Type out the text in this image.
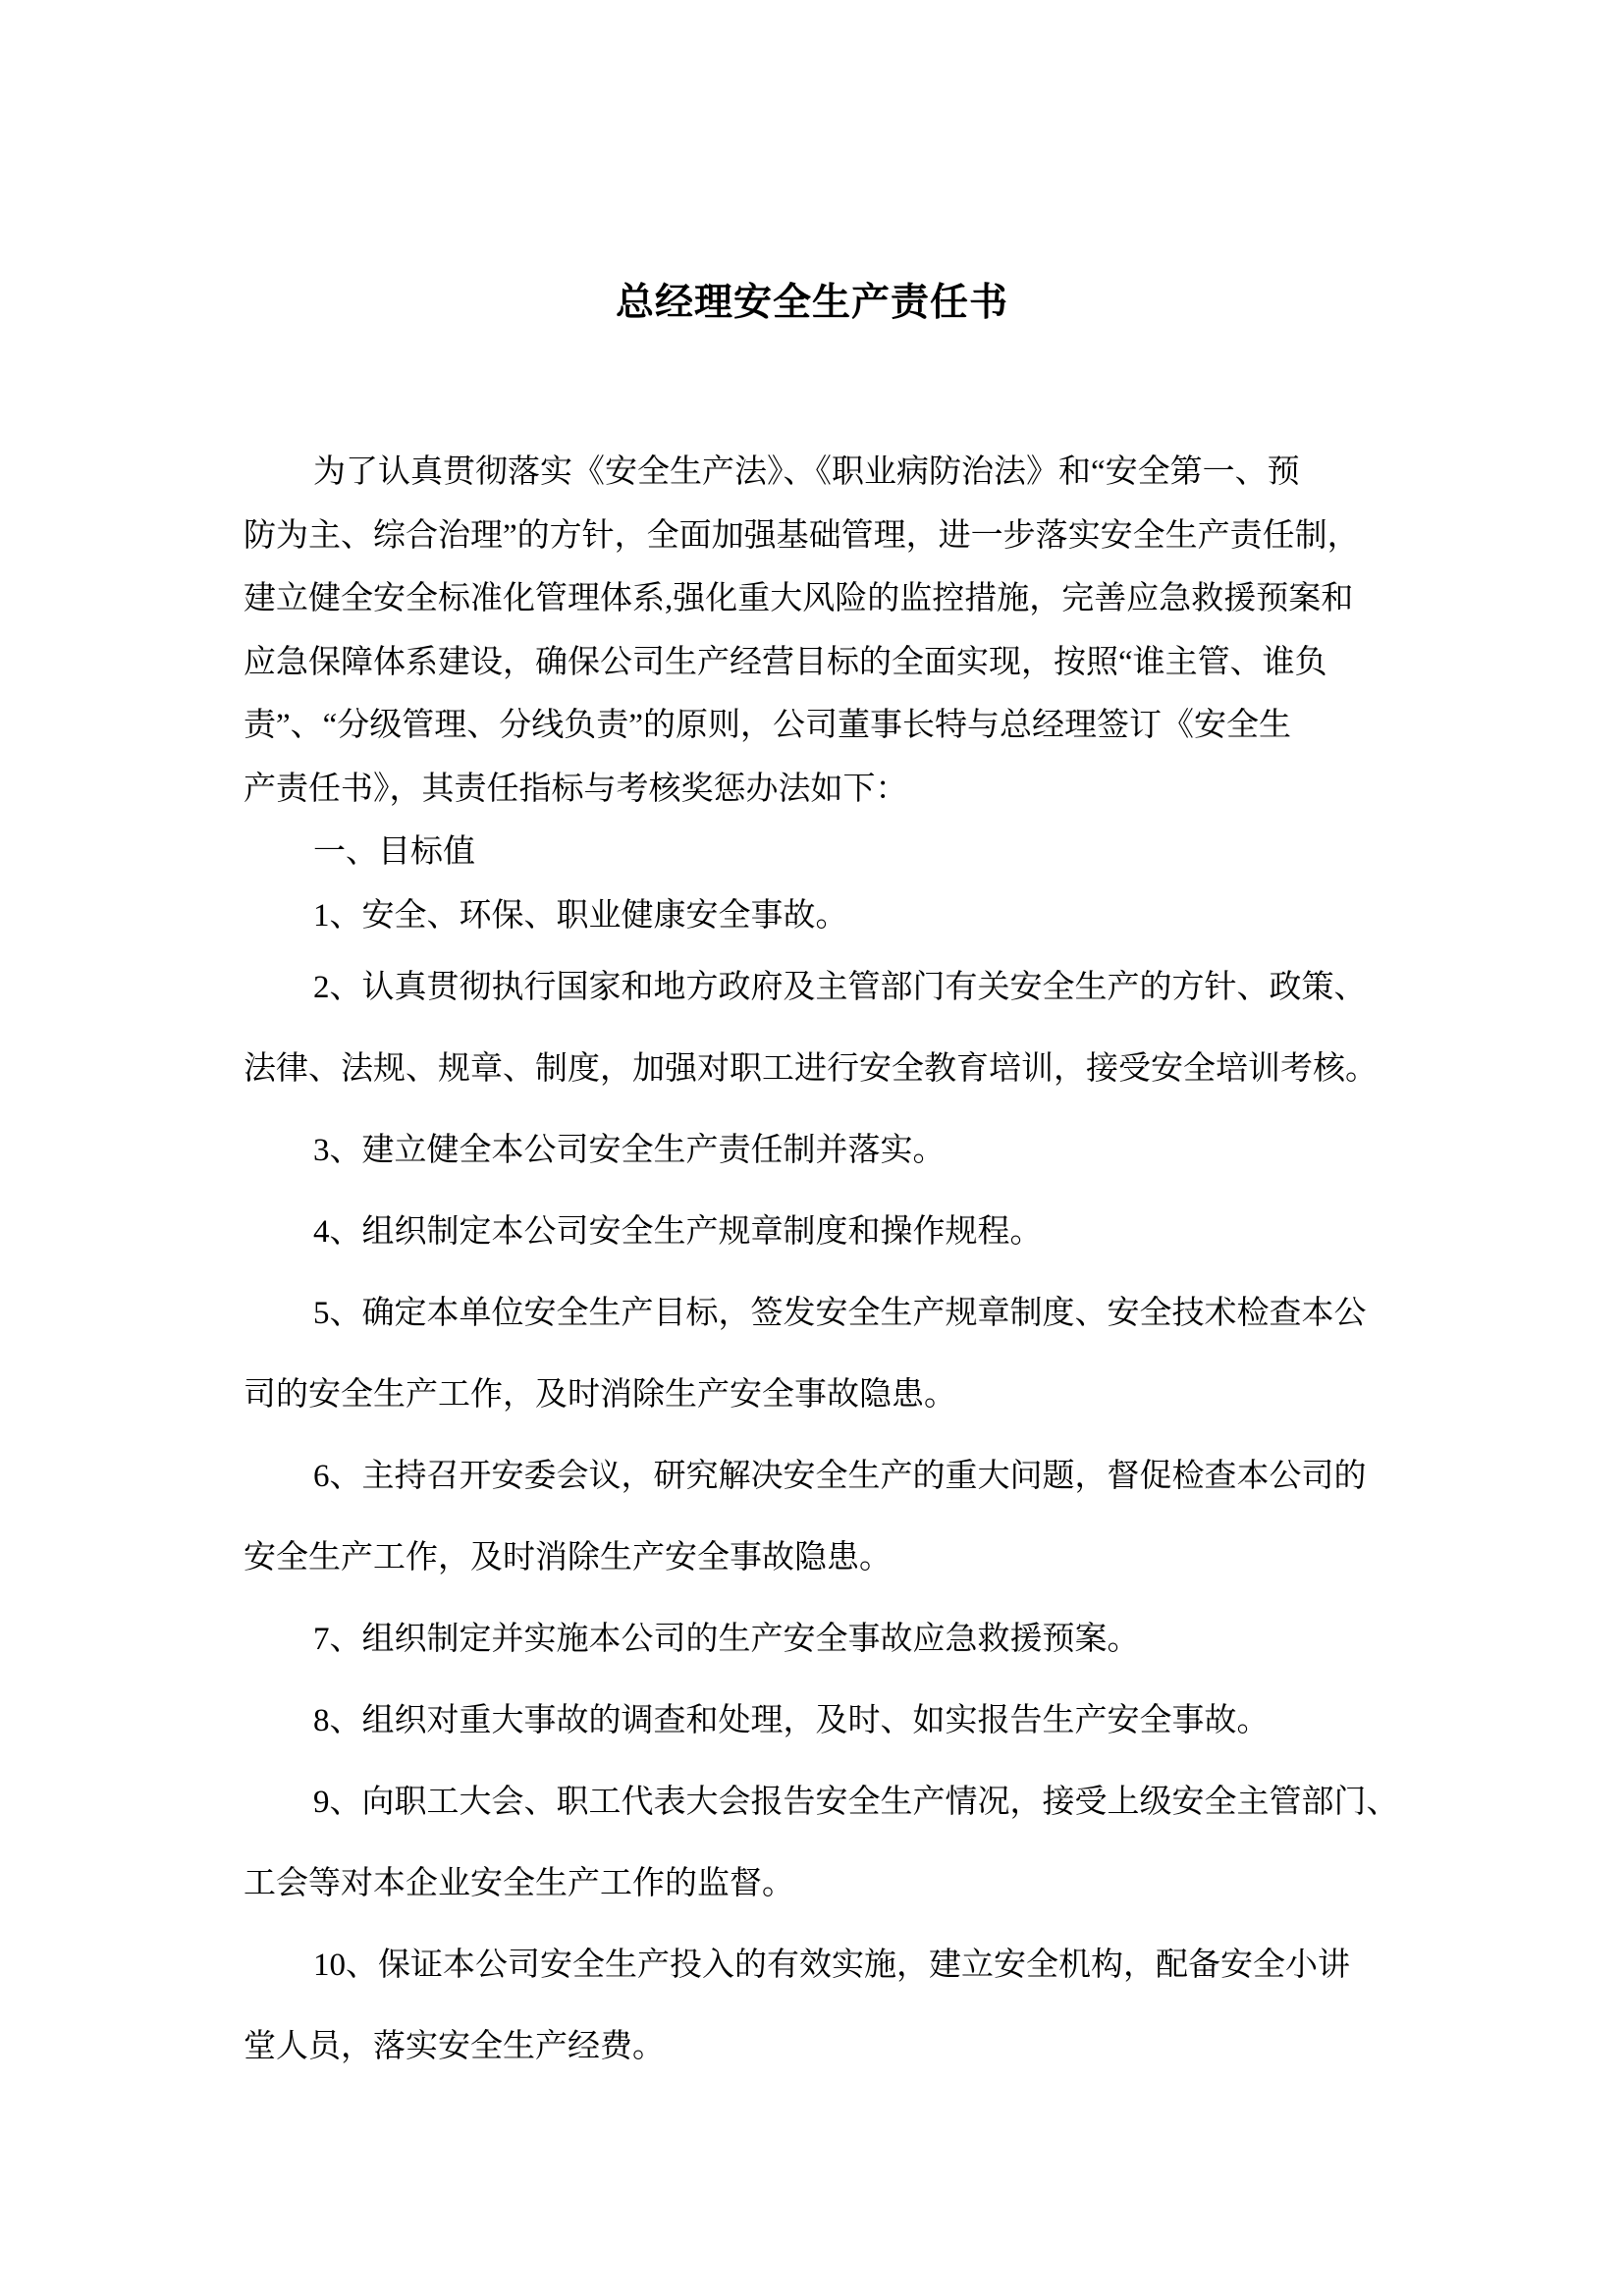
总经理安全生产责任书
为了认真贯彻落实《安全生产法》、《职业病防治法》和“安全第一、预
防为主、综合治理”的方针，全面加强基础管理，进一步落实安全生产责任制，
建立健全安全标准化管理体系,强化重大风险的监控措施，完善应急救援预案和
应急保障体系建设，确保公司生产经营目标的全面实现，按照“谁主管、谁负
责”、“分级管理、分线负责”的原则，公司董事长特与总经理签订《安全生
产责任书》，其责任指标与考核奖惩办法如下：
一、目标值
1、安全、环保、职业健康安全事故。
2、认真贯彻执行国家和地方政府及主管部门有关安全生产的方针、政策、
法律、法规、规章、制度，加强对职工进行安全教育培训，接受安全培训考核。
3、建立健全本公司安全生产责任制并落实。
4、组织制定本公司安全生产规章制度和操作规程。
5、确定本单位安全生产目标，签发安全生产规章制度、安全技术检查本公
司的安全生产工作，及时消除生产安全事故隐患。
6、主持召开安委会议，研究解决安全生产的重大问题，督促检查本公司的
安全生产工作，及时消除生产安全事故隐患。
7、组织制定并实施本公司的生产安全事故应急救援预案。
8、组织对重大事故的调查和处理，及时、如实报告生产安全事故。
9、向职工大会、职工代表大会报告安全生产情况，接受上级安全主管部门、
工会等对本企业安全生产工作的监督。
10、保证本公司安全生产投入的有效实施，建立安全机构，配备安全小讲
堂人员，落实安全生产经费。
